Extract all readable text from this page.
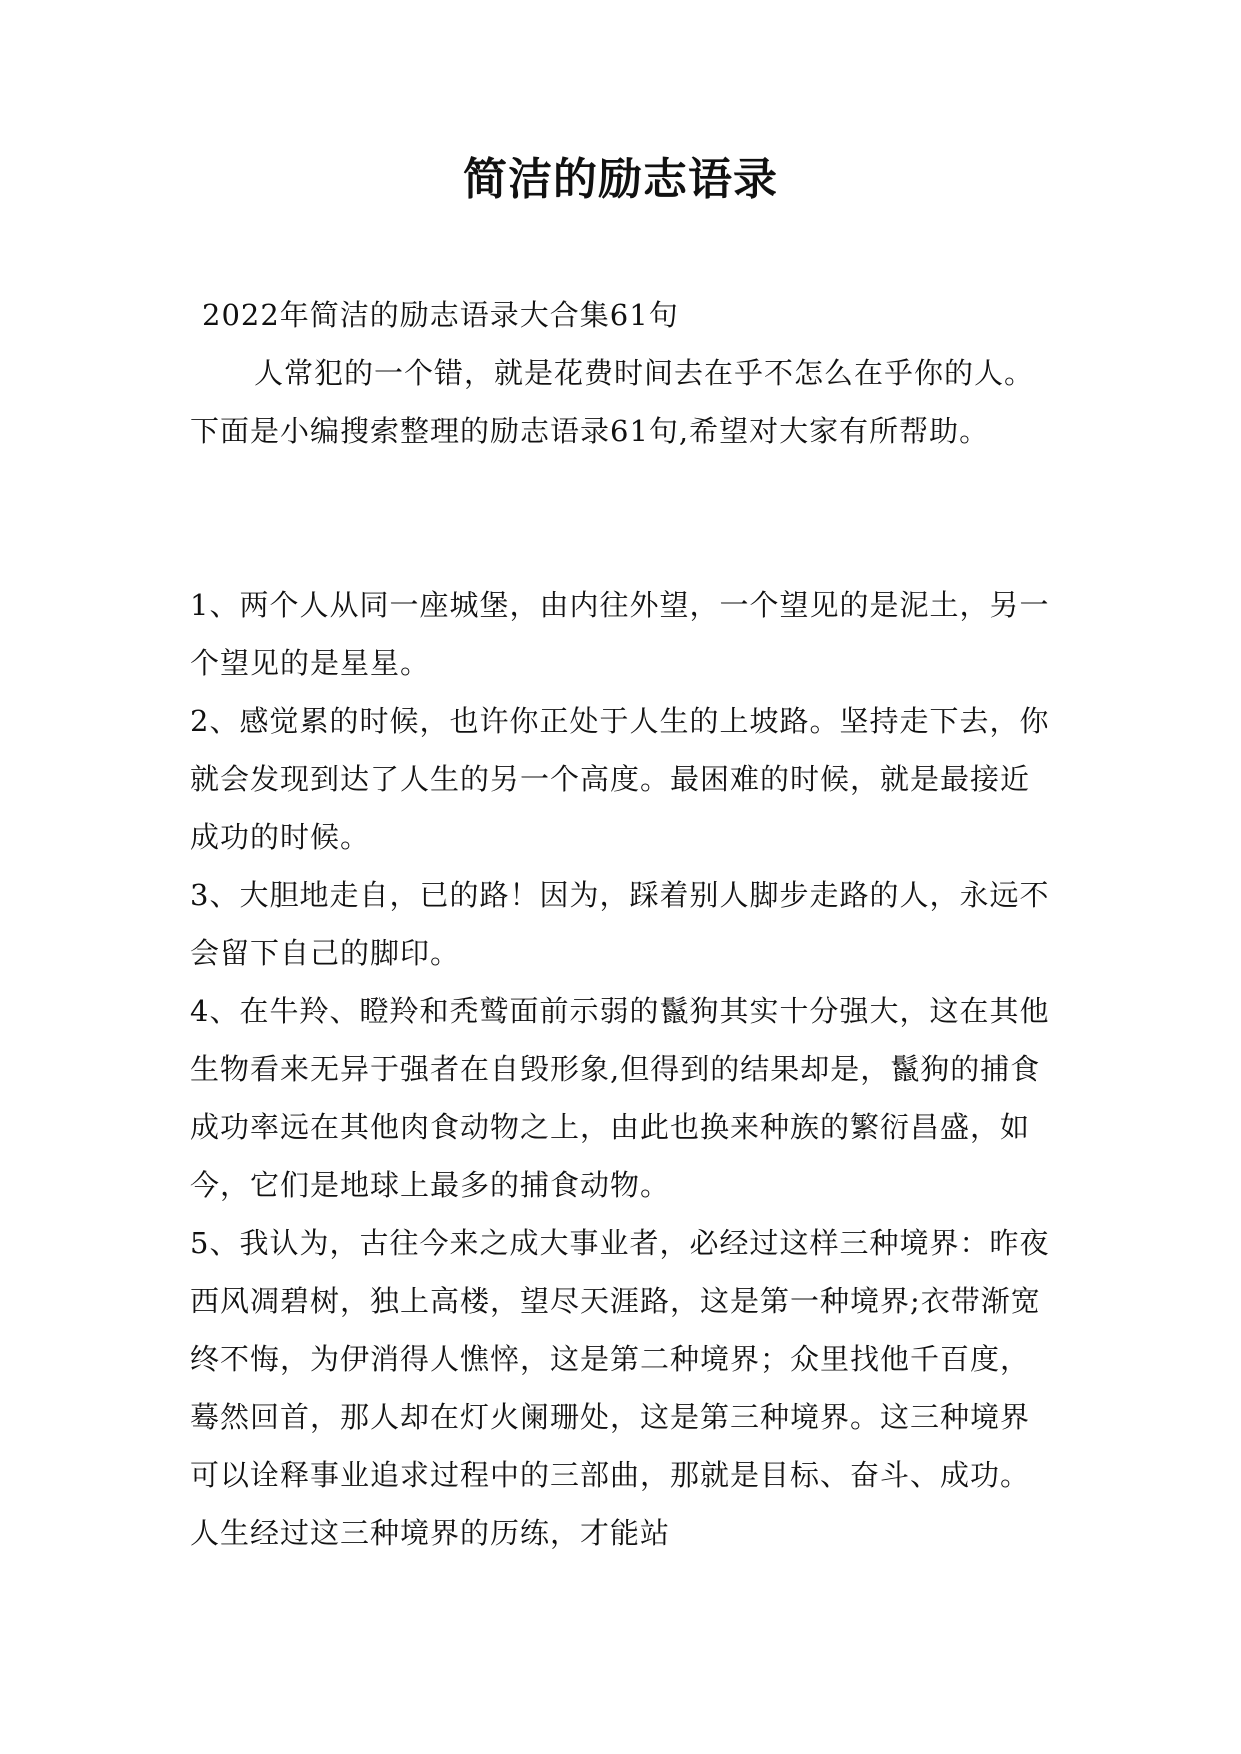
简洁的励志语录

2022年简洁的励志语录大合集61句

人常犯的一个错，就是花费时间去在乎不怎么在乎你的人。下面是小编搜索整理的励志语录61句,希望对大家有所帮助。

1、两个人从同一座城堡，由内往外望，一个望见的是泥土，另一个望见的是星星。

2、感觉累的时候，也许你正处于人生的上坡路。坚持走下去，你就会发现到达了人生的另一个高度。最困难的时候，就是最接近成功的时候。

3、大胆地走自，已的路！因为，踩着别人脚步走路的人，永远不会留下自己的脚印。

4、在牛羚、瞪羚和秃鹫面前示弱的鬣狗其实十分强大，这在其他生物看来无异于强者在自毁形象,但得到的结果却是，鬣狗的捕食成功率远在其他肉食动物之上，由此也换来种族的繁衍昌盛，如今，它们是地球上最多的捕食动物。

5、我认为，古往今来之成大事业者，必经过这样三种境界：昨夜西风凋碧树，独上高楼，望尽天涯路，这是第一种境界;衣带渐宽终不悔，为伊消得人憔悴，这是第二种境界；众里找他千百度，蓦然回首，那人却在灯火阑珊处，这是第三种境界。这三种境界可以诠释事业追求过程中的三部曲，那就是目标、奋斗、成功。人生经过这三种境界的历练，才能站
